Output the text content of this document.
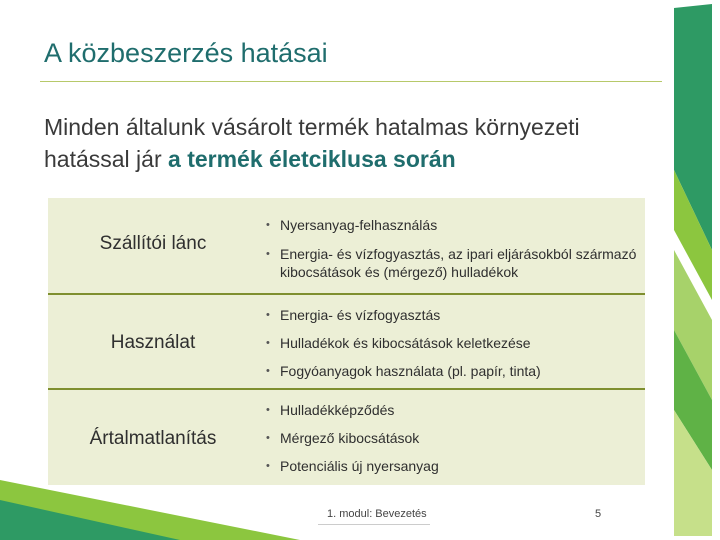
A közbeszerzés hatásai
Minden általunk vásárolt termék hatalmas környezeti hatással jár a termék életciklusa során
Szállítói lánc
• Nyersanyag-felhasználás
• Energia- és vízfogyasztás, az ipari eljárásokból származó kibocsátások és (mérgező) hulladékok
Használat
• Energia- és vízfogyasztás
• Hulladékok és kibocsátások keletkezése
• Fogyóanyagok használata (pl. papír, tinta)
Ártalmatlanítás
• Hulladékképződés
• Mérgező kibocsátások
• Potenciális új nyersanyag
1. modul: Bevezetés	5
